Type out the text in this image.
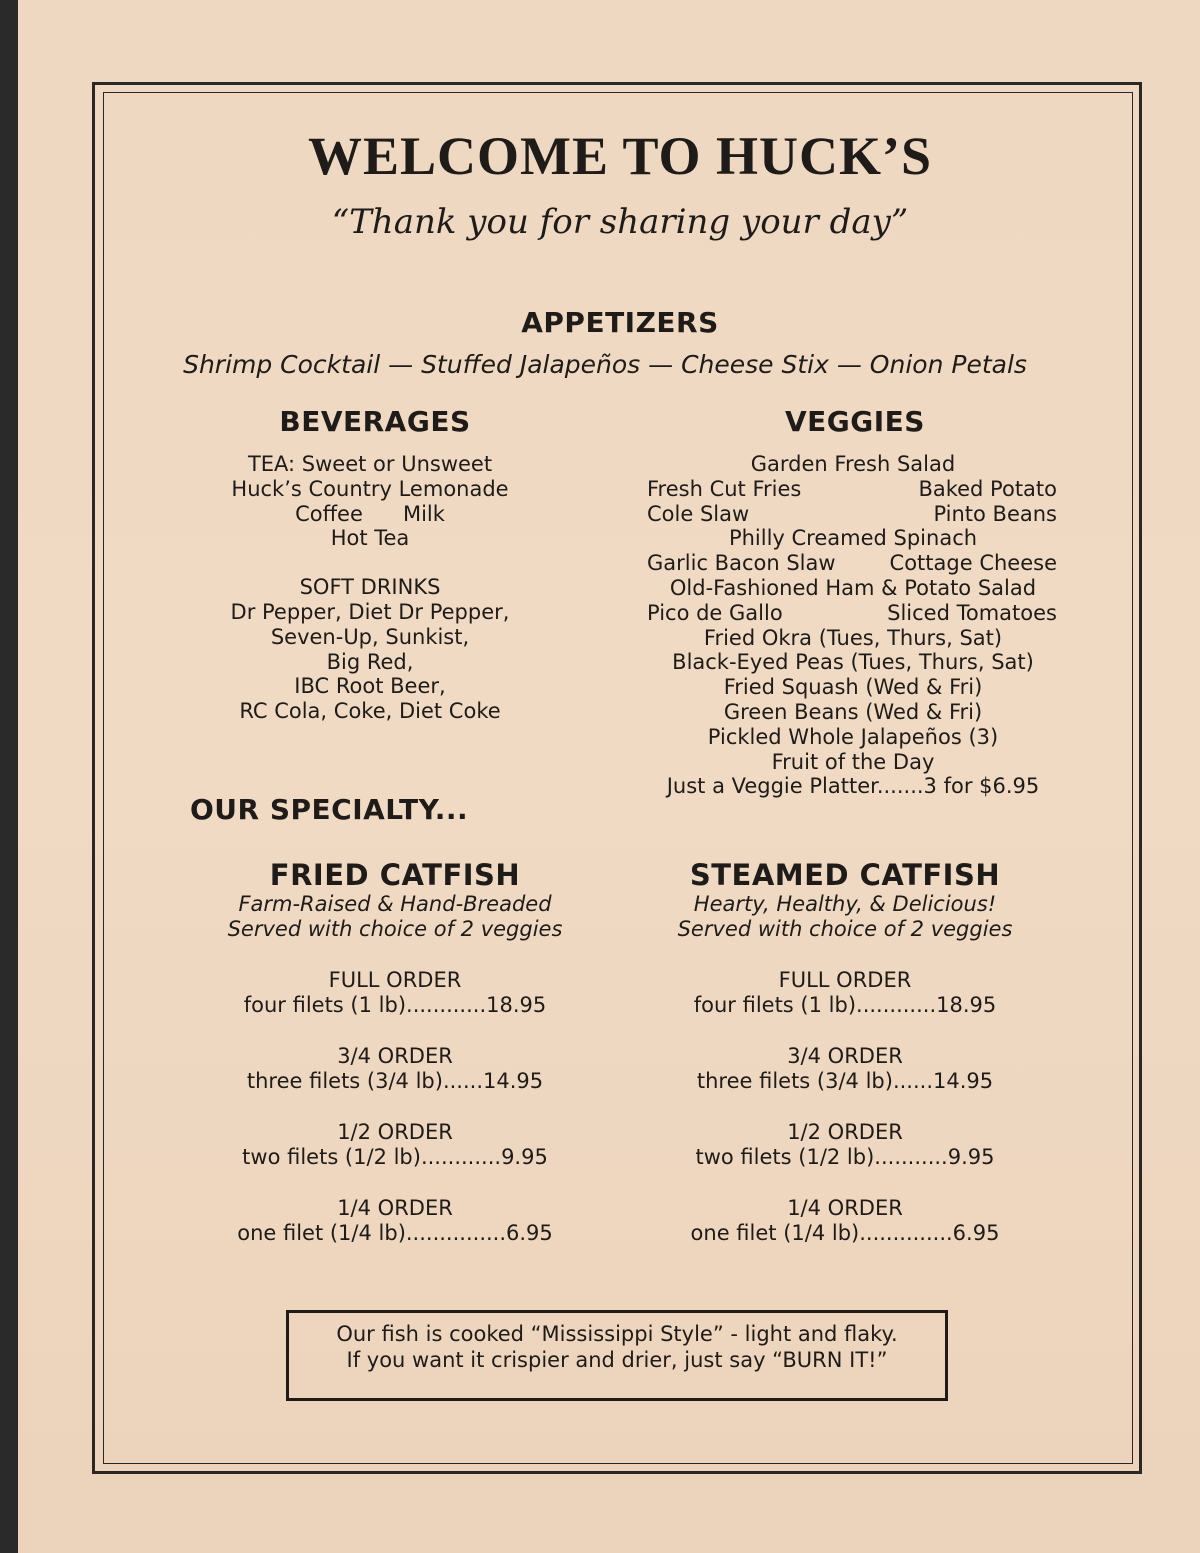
WELCOME TO HUCK’S
“Thank you for sharing your day”
APPETIZERS
Shrimp Cocktail — Stuffed Jalapeños — Cheese Stix — Onion Petals
BEVERAGES	VEGGIES
TEA: Sweet or Unsweet
Huck’s Country Lemonade
Coffee      Milk
Hot Tea
SOFT DRINKS
Dr Pepper, Diet Dr Pepper,
Seven-Up, Sunkist,
Big Red,
IBC Root Beer,
RC Cola, Coke, Diet Coke
Garden Fresh Salad
Fresh Cut Fries	Baked Potato
Cole Slaw	Pinto Beans
Philly Creamed Spinach
Garlic Bacon Slaw	Cottage Cheese
Old-Fashioned Ham & Potato Salad
Pico de Gallo	Sliced Tomatoes
Fried Okra (Tues, Thurs, Sat)
Black-Eyed Peas (Tues, Thurs, Sat)
Fried Squash (Wed & Fri)
Green Beans (Wed & Fri)
Pickled Whole Jalapeños (3)
Fruit of the Day
Just a Veggie Platter.......3 for $6.95
OUR SPECIALTY...
FRIED CATFISH
Farm-Raised & Hand-Breaded
Served with choice of 2 veggies
FULL ORDER
four filets (1 lb)............18.95
3/4 ORDER
three filets (3/4 lb)......14.95
1/2 ORDER
two filets (1/2 lb)............9.95
1/4 ORDER
one filet (1/4 lb)...............6.95
STEAMED CATFISH
Hearty, Healthy, & Delicious!
Served with choice of 2 veggies
FULL ORDER
four filets (1 lb)............18.95
3/4 ORDER
three filets (3/4 lb)......14.95
1/2 ORDER
two filets (1/2 lb)...........9.95
1/4 ORDER
one filet (1/4 lb)..............6.95
Our fish is cooked “Mississippi Style” - light and flaky.
If you want it crispier and drier, just say “BURN IT!”
